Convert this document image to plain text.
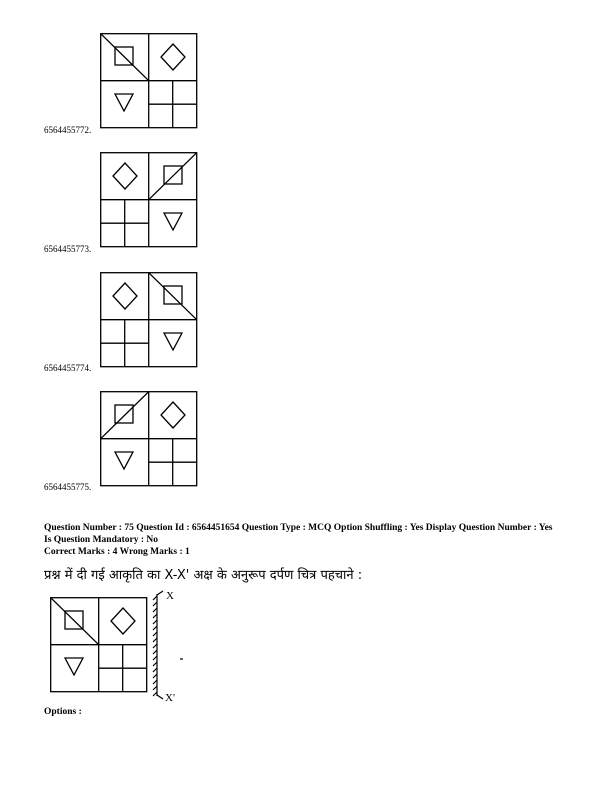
6564455772.
6564455773.
6564455774.
6564455775.
Question Number : 75 Question Id : 6564451654 Question Type : MCQ Option Shuffling : Yes Display Question Number : Yes
Is Question Mandatory : No
Correct Marks : 4 Wrong Marks : 1
प्रश्न में दी गई आकृति का X-X' अक्ष के अनुरूप दर्पण चित्र पहचाने :
X
X'
Options :
